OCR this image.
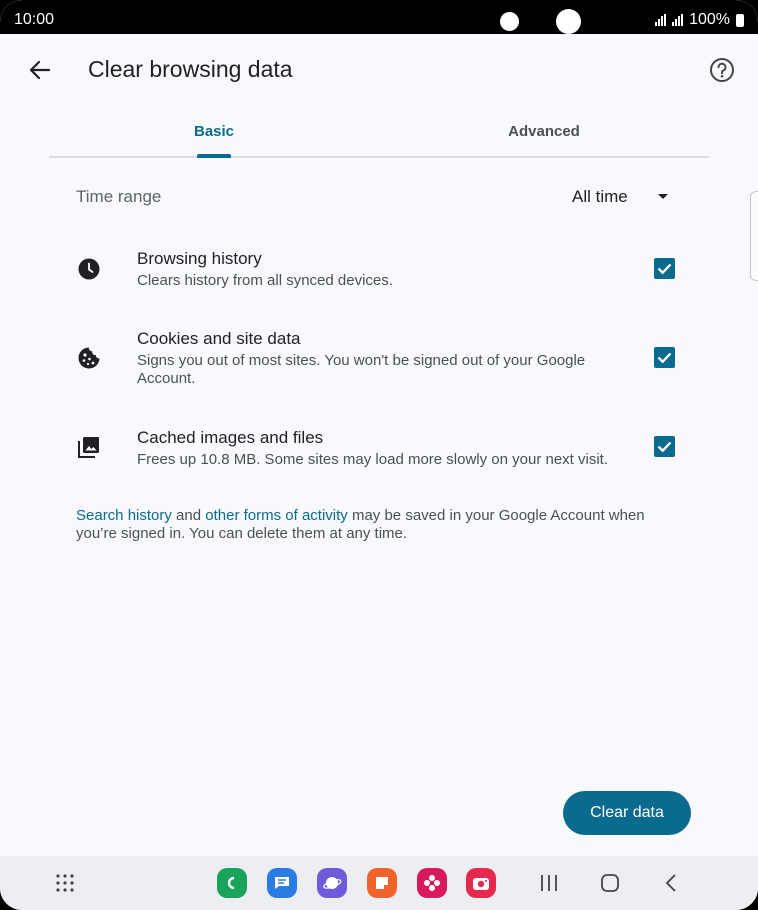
10:00	100%
Clear browsing data
Basic	Advanced
Time range	All time
Browsing history
Clears history from all synced devices.
Cookies and site data
Signs you out of most sites. You won't be signed out of your Google Account.
Cached images and files
Frees up 10.8 MB. Some sites may load more slowly on your next visit.
Search history and other forms of activity may be saved in your Google Account when you’re signed in. You can delete them at any time.
Clear data
